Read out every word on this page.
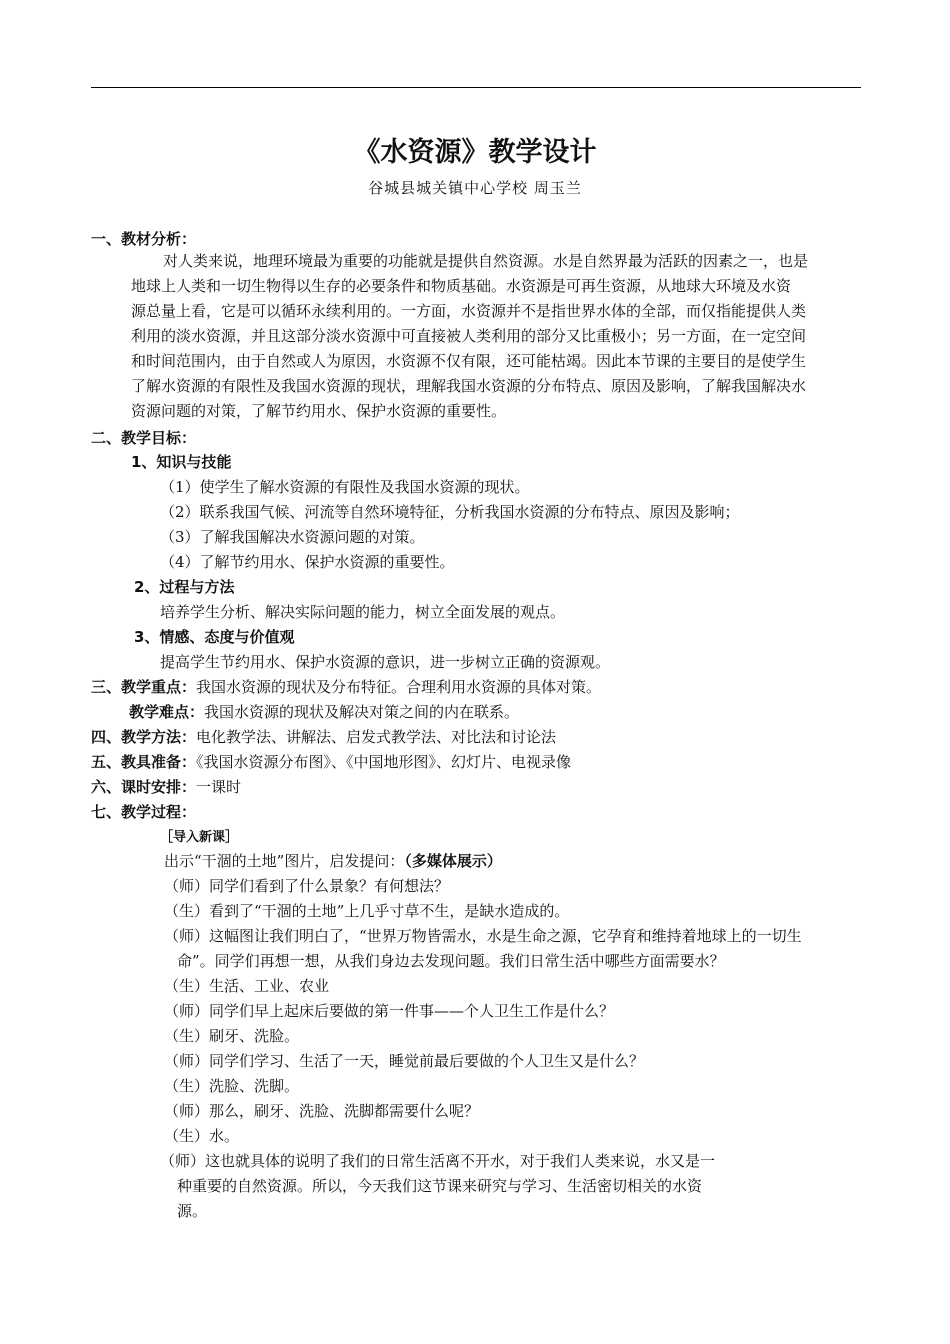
《水资源》教学设计
谷城县城关镇中心学校 周玉兰
一、教材分析：
对人类来说，地理环境最为重要的功能就是提供自然资源。水是自然界最为活跃的因素之一，也是
地球上人类和一切生物得以生存的必要条件和物质基础。水资源是可再生资源，从地球大环境及水资
源总量上看，它是可以循环永续利用的。一方面，水资源并不是指世界水体的全部，而仅指能提供人类
利用的淡水资源，并且这部分淡水资源中可直接被人类利用的部分又比重极小；另一方面，在一定空间
和时间范围内，由于自然或人为原因，水资源不仅有限，还可能枯竭。因此本节课的主要目的是使学生
了解水资源的有限性及我国水资源的现状，理解我国水资源的分布特点、原因及影响，了解我国解决水
资源问题的对策，了解节约用水、保护水资源的重要性。
二、教学目标：
1、知识与技能
（1）使学生了解水资源的有限性及我国水资源的现状。
（2）联系我国气候、河流等自然环境特征，分析我国水资源的分布特点、原因及影响；
（3）了解我国解决水资源问题的对策。
（4）了解节约用水、保护水资源的重要性。
2、过程与方法
培养学生分析、解决实际问题的能力，树立全面发展的观点。
3、情感、态度与价值观
提高学生节约用水、保护水资源的意识，进一步树立正确的资源观。
三、教学重点：我国水资源的现状及分布特征。合理利用水资源的具体对策。
教学难点：我国水资源的现状及解决对策之间的内在联系。
四、教学方法：电化教学法、讲解法、启发式教学法、对比法和讨论法
五、教具准备：《我国水资源分布图》、《中国地形图》、幻灯片、电视录像
六、课时安排：一课时
七、教学过程：
［导入新课］
出示“干涸的土地”图片，启发提问：（多媒体展示）
（师）同学们看到了什么景象？有何想法？
（生）看到了“干涸的土地”上几乎寸草不生，是缺水造成的。
（师）这幅图让我们明白了，“世界万物皆需水，水是生命之源，它孕育和维持着地球上的一切生
命”。同学们再想一想，从我们身边去发现问题。我们日常生活中哪些方面需要水？
（生）生活、工业、农业
（师）同学们早上起床后要做的第一件事——个人卫生工作是什么？
（生）刷牙、洗脸。
（师）同学们学习、生活了一天，睡觉前最后要做的个人卫生又是什么？
（生）洗脸、洗脚。
（师）那么，刷牙、洗脸、洗脚都需要什么呢？
（生）水。
（师）这也就具体的说明了我们的日常生活离不开水，对于我们人类来说，水又是一
种重要的自然资源。所以，今天我们这节课来研究与学习、生活密切相关的水资
源。
